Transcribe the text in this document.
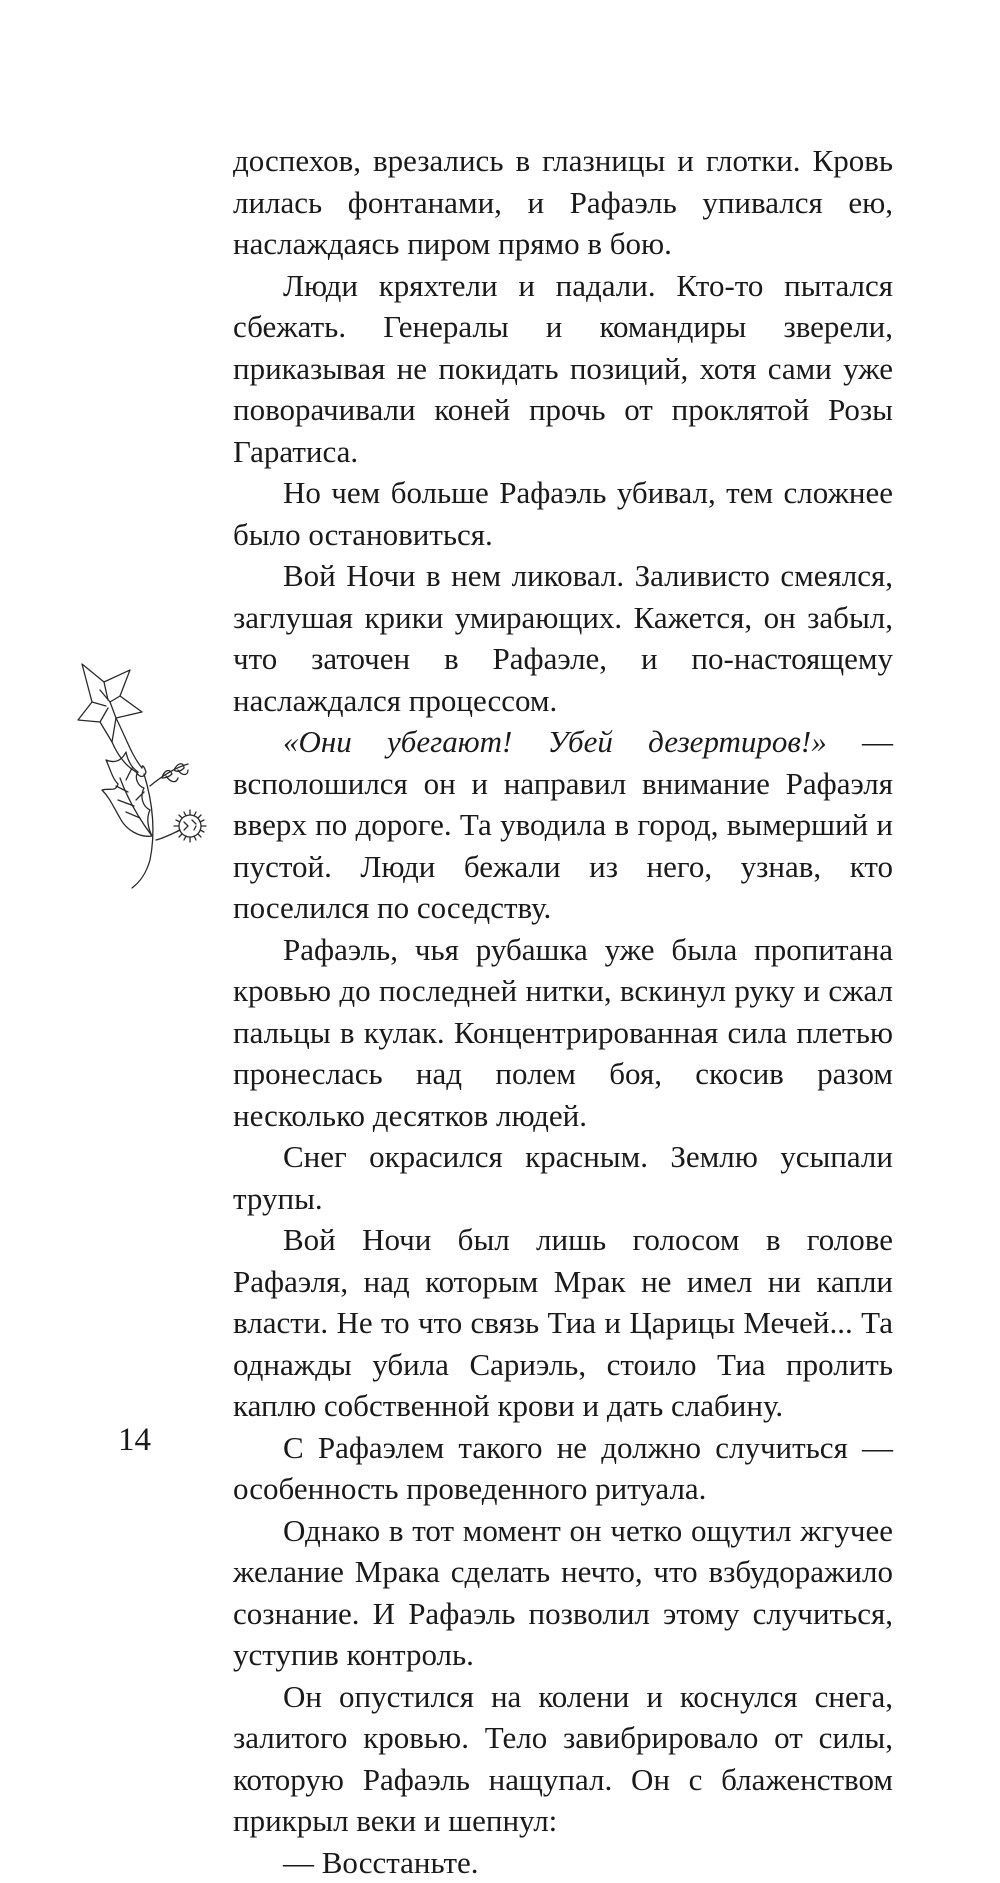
доспехов, врезались в глазницы и глотки. Кровь лилась фонтанами, и Рафаэль упивался ею, наслаждаясь пиром прямо в бою.

Люди кряхтели и падали. Кто-то пытался сбежать. Генералы и командиры зверели, приказывая не покидать позиций, хотя сами уже поворачивали коней прочь от проклятой Розы Гаратиса.

Но чем больше Рафаэль убивал, тем сложнее было остановиться.

Вой Ночи в нем ликовал. Заливисто смеялся, заглушая крики умирающих. Кажется, он забыл, что заточен в Рафаэле, и по-настоящему наслаждался процессом.

«Они убегают! Убей дезертиров!» — всполошился он и направил внимание Рафаэля вверх по дороге. Та уводила в город, вымерший и пустой. Люди бежали из него, узнав, кто поселился по соседству.

Рафаэль, чья рубашка уже была пропитана кровью до последней нитки, вскинул руку и сжал пальцы в кулак. Концентрированная сила плетью пронеслась над полем боя, скосив разом несколько десятков людей.

Снег окрасился красным. Землю усыпали трупы.

Вой Ночи был лишь голосом в голове Рафаэля, над которым Мрак не имел ни капли власти. Не то что связь Тиа и Царицы Мечей... Та однажды убила Сариэль, стоило Тиа пролить каплю собственной крови и дать слабину.

С Рафаэлем такого не должно случиться — особенность проведенного ритуала.

Однако в тот момент он четко ощутил жгучее желание Мрака сделать нечто, что взбудоражило сознание. И Рафаэль позволил этому случиться, уступив контроль.

Он опустился на колени и коснулся снега, залитого кровью. Тело завибрировало от силы, которую Рафаэль нащупал. Он с блаженством прикрыл веки и шепнул:

— Восстаньте.

14
